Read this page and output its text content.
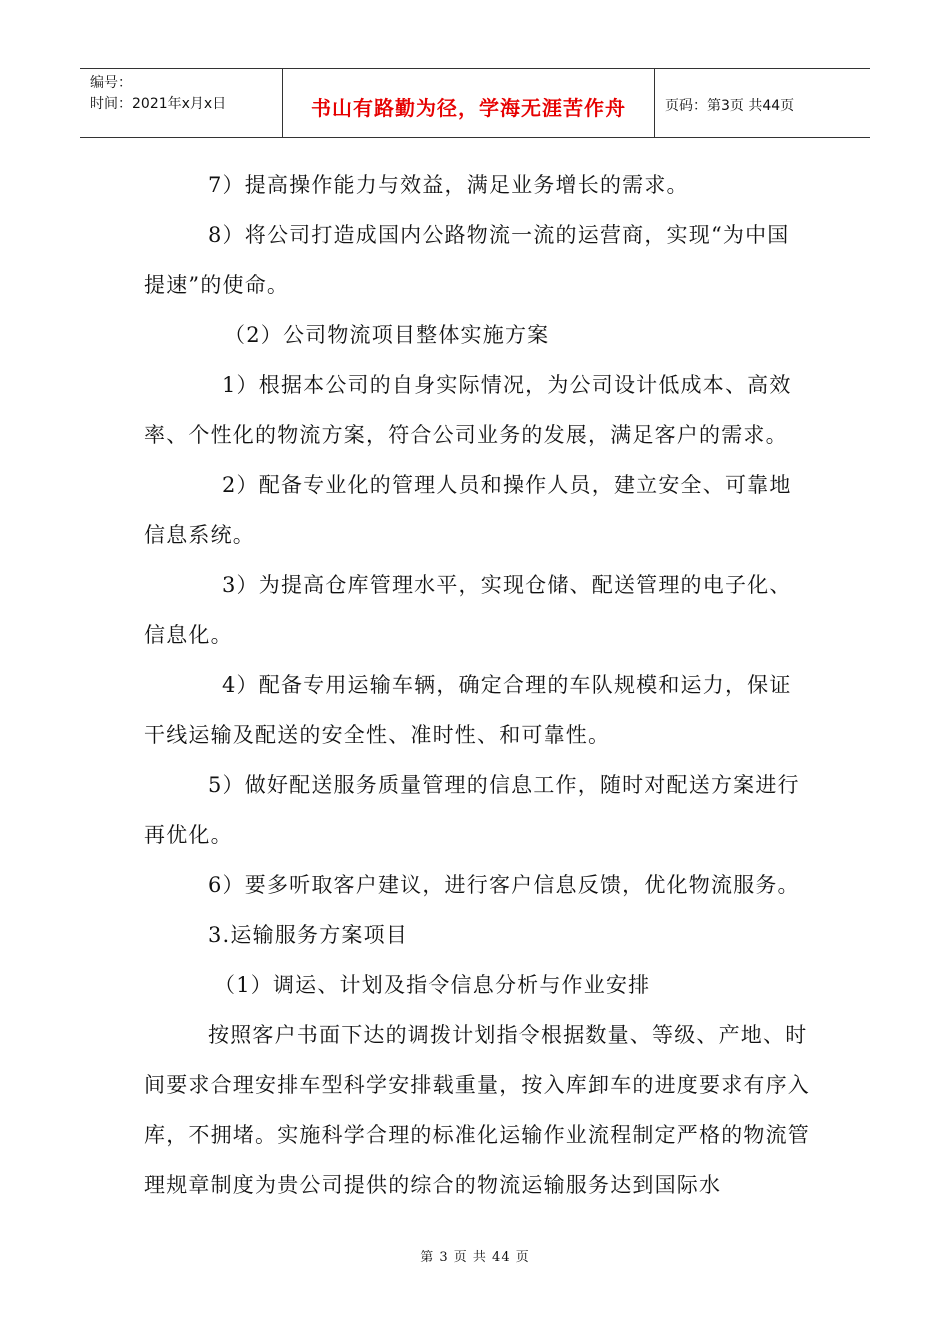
编号：
时间：2021年x月x日	书山有路勤为径，学海无涯苦作舟	页码：第3页 共44页

7）提高操作能力与效益，满足业务增长的需求。

8）将公司打造成国内公路物流一流的运营商，实现“为中国提速”的使命。

（2）公司物流项目整体实施方案

1）根据本公司的自身实际情况，为公司设计低成本、高效率、个性化的物流方案，符合公司业务的发展，满足客户的需求。

2）配备专业化的管理人员和操作人员，建立安全、可靠地信息系统。

3）为提高仓库管理水平，实现仓储、配送管理的电子化、信息化。

4）配备专用运输车辆，确定合理的车队规模和运力，保证干线运输及配送的安全性、准时性、和可靠性。

5）做好配送服务质量管理的信息工作，随时对配送方案进行再优化。

6）要多听取客户建议，进行客户信息反馈，优化物流服务。

3.运输服务方案项目

（1）调运、计划及指令信息分析与作业安排

按照客户书面下达的调拨计划指令根据数量、等级、产地、时间要求合理安排车型科学安排载重量，按入库卸车的进度要求有序入库，不拥堵。实施科学合理的标准化运输作业流程制定严格的物流管理规章制度为贵公司提供的综合的物流运输服务达到国际水

第 3 页 共 44 页
